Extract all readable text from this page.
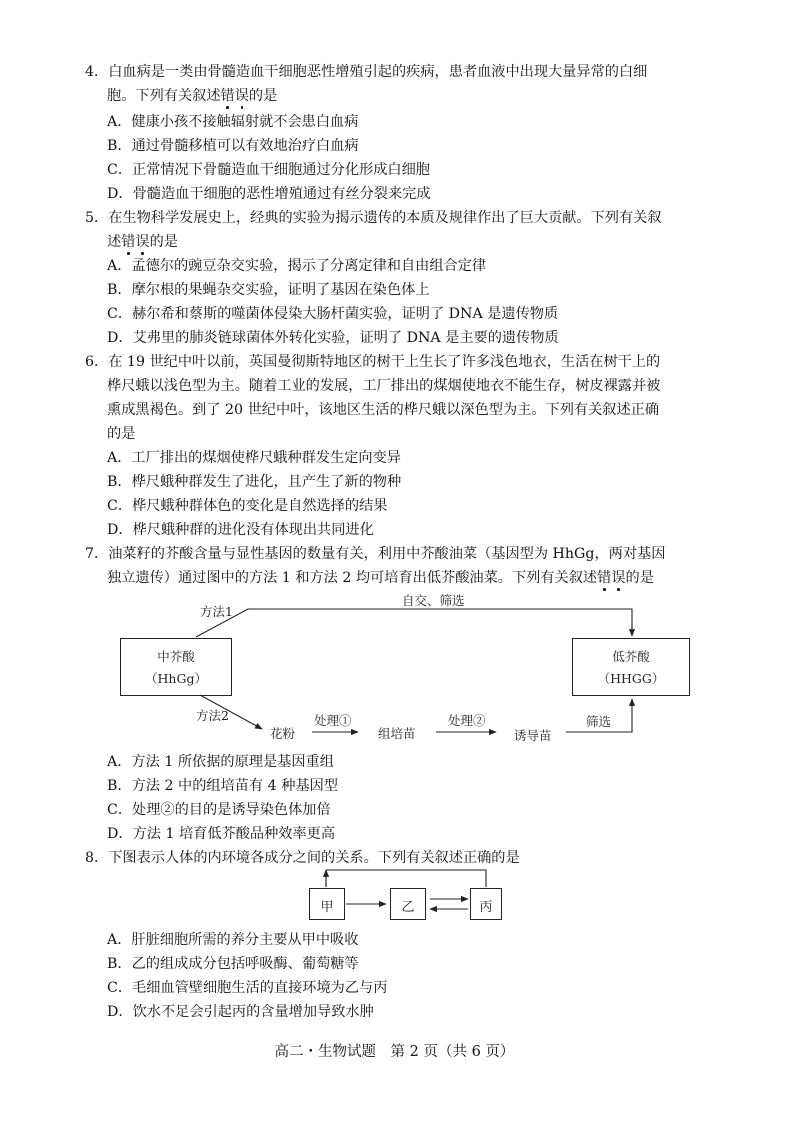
4．白血病是一类由骨髓造血干细胞恶性增殖引起的疾病，患者血液中出现大量异常的白细
胞。下列有关叙述错误的是
A．健康小孩不接触辐射就不会患白血病
B．通过骨髓移植可以有效地治疗白血病
C．正常情况下骨髓造血干细胞通过分化形成白细胞
D．骨髓造血干细胞的恶性增殖通过有丝分裂来完成
5．在生物科学发展史上，经典的实验为揭示遗传的本质及规律作出了巨大贡献。下列有关叙
述错误的是
A．孟德尔的豌豆杂交实验，揭示了分离定律和自由组合定律
B．摩尔根的果蝇杂交实验，证明了基因在染色体上
C．赫尔希和蔡斯的噬菌体侵染大肠杆菌实验，证明了 DNA 是遗传物质
D．艾弗里的肺炎链球菌体外转化实验，证明了 DNA 是主要的遗传物质
6．在 19 世纪中叶以前，英国曼彻斯特地区的树干上生长了许多浅色地衣，生活在树干上的
桦尺蛾以浅色型为主。随着工业的发展，工厂排出的煤烟使地衣不能生存，树皮裸露并被
熏成黑褐色。到了 20 世纪中叶，该地区生活的桦尺蛾以深色型为主。下列有关叙述正确
的是
A．工厂排出的煤烟使桦尺蛾种群发生定向变异
B．桦尺蛾种群发生了进化，且产生了新的物种
C．桦尺蛾种群体色的变化是自然选择的结果
D．桦尺蛾种群的进化没有体现出共同进化
7．油菜籽的芥酸含量与显性基因的数量有关，利用中芥酸油菜（基因型为 HhGg，两对基因
独立遗传）通过图中的方法 1 和方法 2 均可培育出低芥酸油菜。下列有关叙述错误的是
方法1
自交、筛选
中芥酸
（HhGg）
低芥酸
（HHGG）
方法2
花粉
处理①
组培苗
处理②
诱导苗
筛选
A．方法 1 所依据的原理是基因重组
B．方法 2 中的组培苗有 4 种基因型
C．处理②的目的是诱导染色体加倍
D．方法 1 培育低芥酸品种效率更高
8．下图表示人体的内环境各成分之间的关系。下列有关叙述正确的是
甲	乙	丙
A．肝脏细胞所需的养分主要从甲中吸收
B．乙的组成成分包括呼吸酶、葡萄糖等
C．毛细血管壁细胞生活的直接环境为乙与丙
D．饮水不足会引起丙的含量增加导致水肿
高二・生物试题　第 2 页（共 6 页）
